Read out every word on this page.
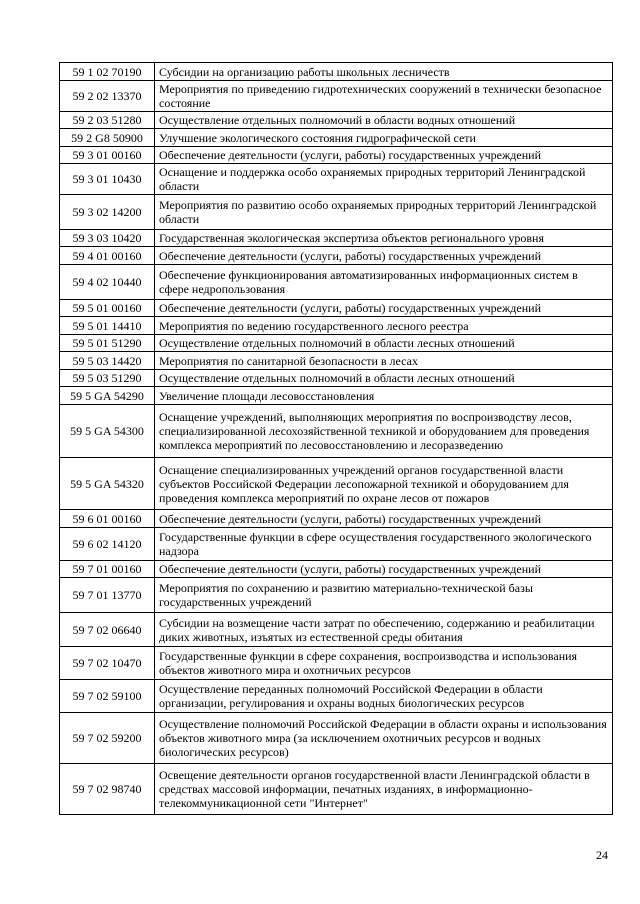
59 1 02 70190	Субсидии на организацию работы школьных лесничеств
59 2 02 13370	Мероприятия по приведению гидротехнических сооружений в технически безопасное состояние
59 2 03 51280	Осуществление отдельных полномочий в области водных отношений
59 2 G8 50900	Улучшение экологического состояния гидрографической сети
59 3 01 00160	Обеспечение деятельности (услуги, работы) государственных учреждений
59 3 01 10430	Оснащение и поддержка особо охраняемых природных территорий Ленинградской области
59 3 02 14200	Мероприятия по развитию особо охраняемых природных территорий Ленинградской области
59 3 03 10420	Государственная экологическая экспертиза объектов регионального уровня
59 4 01 00160	Обеспечение деятельности (услуги, работы) государственных учреждений
59 4 02 10440	Обеспечение функционирования автоматизированных информационных систем в сфере недропользования
59 5 01 00160	Обеспечение деятельности (услуги, работы) государственных учреждений
59 5 01 14410	Мероприятия по ведению государственного лесного реестра
59 5 01 51290	Осуществление отдельных полномочий в области лесных отношений
59 5 03 14420	Мероприятия по санитарной безопасности в лесах
59 5 03 51290	Осуществление отдельных полномочий в области лесных отношений
59 5 GA 54290	Увеличение площади лесовосстановления
59 5 GA 54300	Оснащение учреждений, выполняющих мероприятия по воспроизводству лесов, специализированной лесохозяйственной техникой и оборудованием для проведения комплекса мероприятий по лесовосстановлению и лесоразведению
59 5 GA 54320	Оснащение специализированных учреждений органов государственной власти субъектов Российской Федерации лесопожарной техникой и оборудованием для проведения комплекса мероприятий по охране лесов от пожаров
59 6 01 00160	Обеспечение деятельности (услуги, работы) государственных учреждений
59 6 02 14120	Государственные функции в сфере осуществления государственного экологического надзора
59 7 01 00160	Обеспечение деятельности (услуги, работы) государственных учреждений
59 7 01 13770	Мероприятия по сохранению и развитию материально-технической базы государственных учреждений
59 7 02 06640	Субсидии на возмещение части затрат по обеспечению, содержанию и реабилитации диких животных, изъятых из естественной среды обитания
59 7 02 10470	Государственные функции в сфере сохранения, воспроизводства и использования объектов животного мира и охотничьих ресурсов
59 7 02 59100	Осуществление переданных полномочий Российской Федерации в области организации, регулирования и охраны водных биологических ресурсов
59 7 02 59200	Осуществление полномочий Российской Федерации в области охраны и использования объектов животного мира (за исключением охотничьих ресурсов и водных биологических ресурсов)
59 7 02 98740	Освещение деятельности органов государственной власти Ленинградской области в средствах массовой информации, печатных изданиях, в информационно-телекоммуникационной сети "Интернет"
24
